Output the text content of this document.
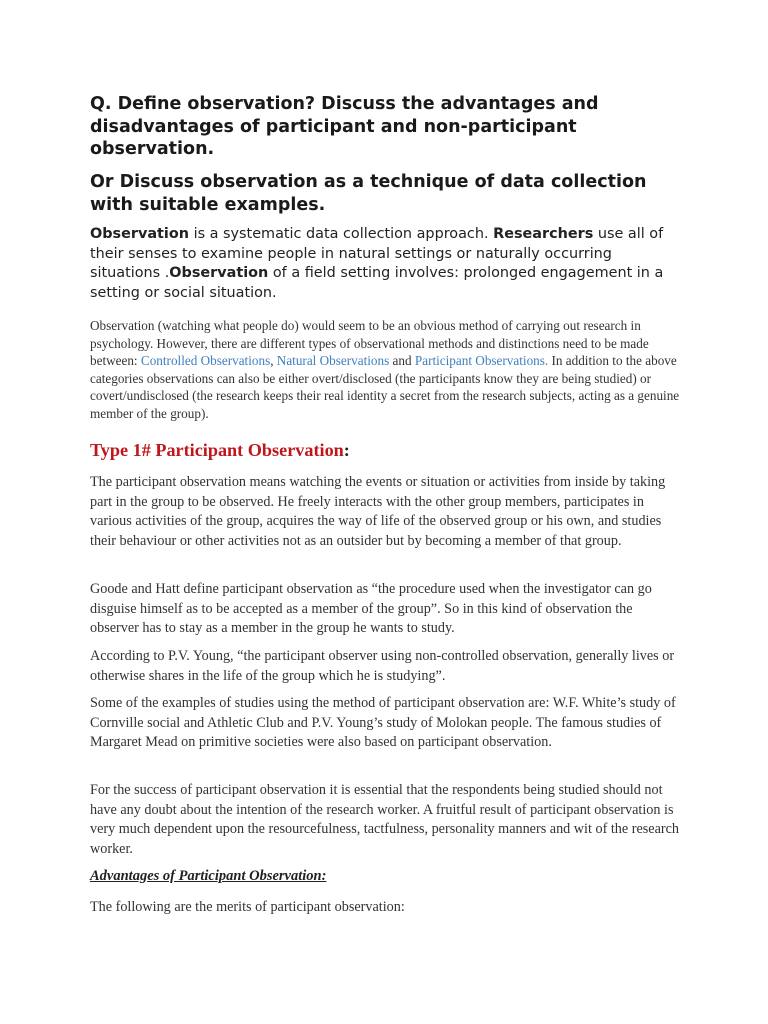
Q. Define observation? Discuss the advantages and disadvantages of participant and non-participant observation.
Or Discuss observation as a technique of data collection with suitable examples.

Observation is a systematic data collection approach. Researchers use all of their senses to examine people in natural settings or naturally occurring situations .Observation of a field setting involves: prolonged engagement in a setting or social situation.

Observation (watching what people do) would seem to be an obvious method of carrying out research in psychology. However, there are different types of observational methods and distinctions need to be made between: Controlled Observations, Natural Observations and Participant Observations. In addition to the above categories observations can also be either overt/disclosed (the participants know they are being studied) or covert/undisclosed (the research keeps their real identity a secret from the research subjects, acting as a genuine member of the group).

Type 1# Participant Observation:

The participant observation means watching the events or situation or activities from inside by taking part in the group to be observed. He freely interacts with the other group members, participates in various activities of the group, acquires the way of life of the observed group or his own, and studies their behaviour or other activities not as an outsider but by becoming a member of that group.

Goode and Hatt define participant observation as “the procedure used when the investigator can go disguise himself as to be accepted as a member of the group”. So in this kind of observation the observer has to stay as a member in the group he wants to study.

According to P.V. Young, “the participant observer using non-controlled observation, generally lives or otherwise shares in the life of the group which he is studying”.

Some of the examples of studies using the method of participant observation are: W.F. White’s study of Cornville social and Athletic Club and P.V. Young’s study of Molokan people. The famous studies of Margaret Mead on primitive societies were also based on participant observation.

For the success of participant observation it is essential that the respondents being studied should not have any doubt about the intention of the research worker. A fruitful result of participant observation is very much dependent upon the resourcefulness, tactfulness, personality manners and wit of the research worker.

Advantages of Participant Observation:

The following are the merits of participant observation:
